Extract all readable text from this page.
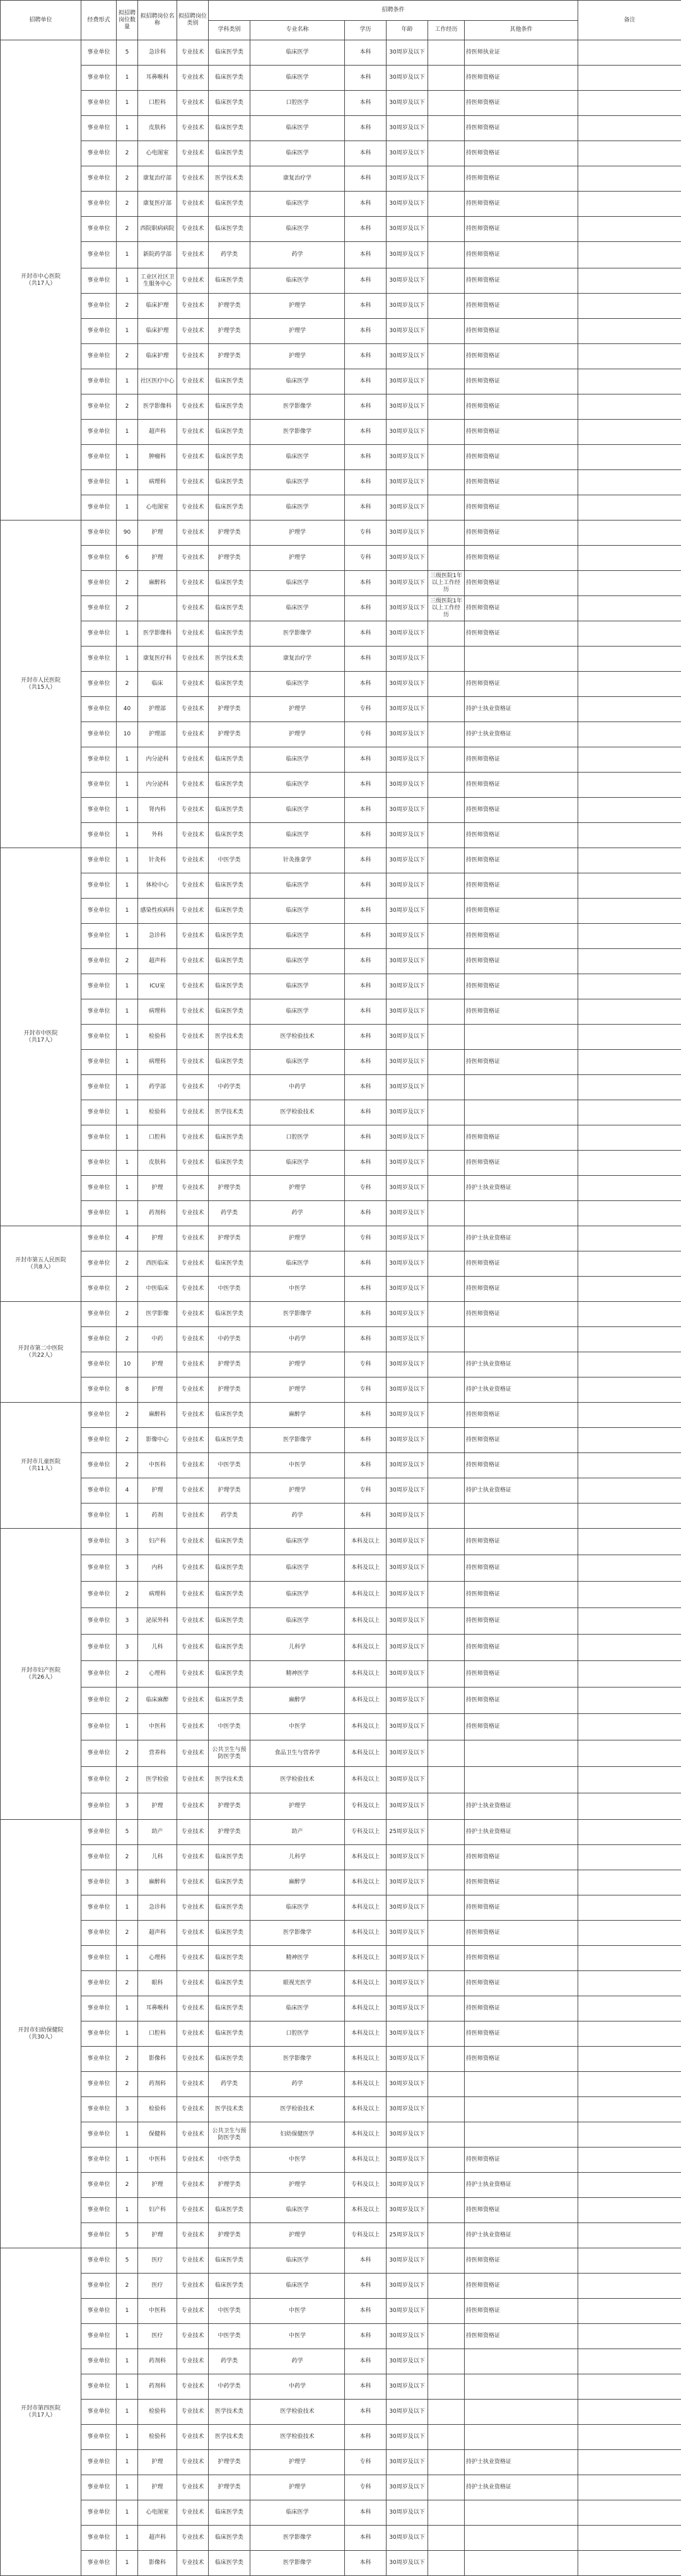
招聘单位	经费形式	拟招聘岗位数量	拟招聘岗位名称	拟招聘岗位类别	招聘条件						备注
					学科类别	专业名称	学历	年龄	工作经历	其他条件	

开封市中心医院
（共17人）	事业单位	5	急诊科	专业技术	临床医学类	临床医学	本科	30周岁及以下		持医师执业证	
	事业单位	1	耳鼻喉科	专业技术	临床医学类	临床医学	本科	30周岁及以下		持医师资格证	
	事业单位	1	口腔科	专业技术	临床医学类	口腔医学	本科	30周岁及以下		持医师资格证	
	事业单位	1	皮肤科	专业技术	临床医学类	临床医学	本科	30周岁及以下		持医师资格证	
	事业单位	2	心电图室	专业技术	临床医学类	临床医学	本科	30周岁及以下		持医师资格证	
	事业单位	2	康复治疗部	专业技术	医学技术类	康复治疗学	本科	30周岁及以下		持医师资格证	
	事业单位	2	康复医疗部	专业技术	临床医学类	临床医学	本科	30周岁及以下		持医师资格证	
	事业单位	2	西院职病病院	专业技术	临床医学类	临床医学	本科	30周岁及以下		持医师资格证	
	事业单位	1	新院药学部	专业技术	药学类	药学	本科	30周岁及以下		持医师资格证	
	事业单位	1	工业区社区卫生服务中心	专业技术	临床医学类	临床医学	本科	30周岁及以下		持医师资格证	
	事业单位	2	临床护理	专业技术	护理学类	护理学	本科	30周岁及以下		持医师资格证	
	事业单位	1	临床护理	专业技术	护理学类	护理学	本科	30周岁及以下		持医师资格证	
	事业单位	2	临床护理	专业技术	护理学类	护理学	本科	30周岁及以下		持医师资格证	
	事业单位	1	社区医疗中心	专业技术	临床医学类	临床医学	本科	30周岁及以下		持医师资格证	
	事业单位	2	医学影像科	专业技术	临床医学类	医学影像学	本科	30周岁及以下		持医师资格证	
	事业单位	1	超声科	专业技术	临床医学类	医学影像学	本科	30周岁及以下		持医师资格证	
	事业单位	1	肿瘤科	专业技术	临床医学类	临床医学	本科	30周岁及以下		持医师资格证	
	事业单位	1	病理科	专业技术	临床医学类	临床医学	本科	30周岁及以下		持医师资格证	
	事业单位	1	心电图室	专业技术	临床医学类	临床医学	本科	30周岁及以下		持医师资格证	

开封市人民医院
（共15人）	事业单位	90	护理	专业技术	护理学类	护理学	专科	30周岁及以下		持医师资格证	
	事业单位	6	护理	专业技术	护理学类	护理学	专科	30周岁及以下		持医师资格证	
	事业单位	2	麻醉科	专业技术	临床医学类	临床医学	本科	30周岁及以下	三级医院1年以上工作经历	持医师资格证	
	事业单位	2		专业技术	临床医学类	临床医学	本科	30周岁及以下	三级医院1年以上工作经历	持医师资格证	
	事业单位	1	医学影像科	专业技术	临床医学类	医学影像学	本科	30周岁及以下		持医师资格证	
	事业单位	1	康复医疗科	专业技术	医学技术类	康复治疗学	本科	30周岁及以下			
	事业单位	2	临床	专业技术	临床医学类	临床医学	本科	30周岁及以下		持医师资格证	
	事业单位	40	护理部	专业技术	护理学类	护理学	专科	30周岁及以下		持护士执业资格证	
	事业单位	10	护理部	专业技术	护理学类	护理学	专科	30周岁及以下		持护士执业资格证	
	事业单位	1	内分泌科	专业技术	临床医学类	临床医学	本科	30周岁及以下		持医师资格证	
	事业单位	1	内分泌科	专业技术	临床医学类	临床医学	本科	30周岁及以下		持医师资格证	
	事业单位	1	肾内科	专业技术	临床医学类	临床医学	本科	30周岁及以下		持医师资格证	
	事业单位	1	外科	专业技术	临床医学类	临床医学	本科	30周岁及以下		持医师资格证	

开封市中医院
（共17人）	事业单位	1	针灸科	专业技术	中医学类	针灸推拿学	本科	30周岁及以下		持医师资格证	
	事业单位	1	体检中心	专业技术	临床医学类	临床医学	本科	30周岁及以下		持医师资格证	
	事业单位	1	感染性疾病科	专业技术	临床医学类	临床医学	本科	30周岁及以下		持医师资格证	
	事业单位	1	急诊科	专业技术	临床医学类	临床医学	本科	30周岁及以下		持医师资格证	
	事业单位	2	超声科	专业技术	临床医学类	临床医学	本科	30周岁及以下		持医师资格证	
	事业单位	1	ICU室	专业技术	临床医学类	临床医学	本科	30周岁及以下		持医师资格证	
	事业单位	1	病理科	专业技术	临床医学类	临床医学	本科	30周岁及以下		持医师资格证	
	事业单位	1	检验科	专业技术	医学技术类	医学检验技术	本科	30周岁及以下			
	事业单位	1	病理科	专业技术	临床医学类	临床医学	本科	30周岁及以下		持医师资格证	
	事业单位	1	药学部	专业技术	中药学类	中药学	本科	30周岁及以下			
	事业单位	1	检验科	专业技术	医学技术类	医学检验技术	本科	30周岁及以下			
	事业单位	1	口腔科	专业技术	临床医学类	口腔医学	本科	30周岁及以下		持医师资格证	
	事业单位	1	皮肤科	专业技术	临床医学类	临床医学	本科	30周岁及以下		持医师资格证	
	事业单位	1	护理	专业技术	护理学类	护理学	专科	30周岁及以下		持护士执业资格证	
	事业单位	1	药剂科	专业技术	药学类	药学	本科	30周岁及以下			

开封市第五人民医院
（共8人）	事业单位	4	护理	专业技术	护理学类	护理学	专科	30周岁及以下		持护士执业资格证	
	事业单位	2	西医临床	专业技术	临床医学类	临床医学	本科	30周岁及以下		持医师资格证	
	事业单位	2	中医临床	专业技术	中医学类	中医学	本科	30周岁及以下		持医师资格证	

开封市第二中医院
（共22人）	事业单位	2	医学影像	专业技术	临床医学类	医学影像学	本科	30周岁及以下		持医师资格证	
	事业单位	2	中药	专业技术	中药学类	中药学	本科	30周岁及以下			
	事业单位	10	护理	专业技术	护理学类	护理学	专科	30周岁及以下		持护士执业资格证	
	事业单位	8	护理	专业技术	护理学类	护理学	专科	30周岁及以下		持护士执业资格证	

开封市儿童医院
（共11人）	事业单位	2	麻醉科	专业技术	临床医学类	麻醉学	本科	30周岁及以下		持医师资格证	
	事业单位	2	影像中心	专业技术	临床医学类	医学影像学	本科	30周岁及以下		持医师资格证	
	事业单位	2	中医科	专业技术	中医学类	中医学	本科	30周岁及以下		持医师资格证	
	事业单位	4	护理	专业技术	护理学类	护理学	专科	30周岁及以下		持护士执业资格证	
	事业单位	1	药剂	专业技术	药学类	药学	本科	30周岁及以下			

开封市妇产医院
（共26人）	事业单位	3	妇产科	专业技术	临床医学类	临床医学	本科及以上	30周岁及以下		持医师资格证	
	事业单位	3	内科	专业技术	临床医学类	临床医学	本科及以上	30周岁及以下		持医师资格证	
	事业单位	2	病理科	专业技术	临床医学类	临床医学	本科及以上	30周岁及以下		持医师资格证	
	事业单位	3	泌尿外科	专业技术	临床医学类	临床医学	本科及以上	30周岁及以下		持医师资格证	
	事业单位	3	儿科	专业技术	临床医学类	儿科学	本科及以上	30周岁及以下		持医师资格证	
	事业单位	2	心理科	专业技术	临床医学类	精神医学	本科及以上	30周岁及以下		持医师资格证	
	事业单位	2	临床麻醉	专业技术	临床医学类	麻醉学	本科及以上	30周岁及以下		持医师资格证	
	事业单位	1	中医科	专业技术	中医学类	中医学	本科及以上	30周岁及以下		持医师资格证	
	事业单位	2	营养科	专业技术	公共卫生与预防医学类	食品卫生与营养学	本科及以上	30周岁及以下			
	事业单位	2	医学检验	专业技术	医学技术类	医学检验技术	本科及以上	30周岁及以下			
	事业单位	3	护理	专业技术	护理学类	护理学	专科及以上	30周岁及以下		持护士执业资格证	

开封市妇幼保健院
（共30人）	事业单位	5	助产	专业技术	护理学类	助产	专科及以上	25周岁及以下		持护士执业资格证	
	事业单位	2	儿科	专业技术	临床医学类	儿科学	本科及以上	30周岁及以下		持医师资格证	
	事业单位	3	麻醉科	专业技术	临床医学类	麻醉学	本科及以上	30周岁及以下		持医师资格证	
	事业单位	1	急诊科	专业技术	临床医学类	临床医学	本科及以上	30周岁及以下		持医师资格证	
	事业单位	2	超声科	专业技术	临床医学类	医学影像学	本科及以上	30周岁及以下		持医师资格证	
	事业单位	1	心理科	专业技术	临床医学类	精神医学	本科及以上	30周岁及以下		持医师资格证	
	事业单位	2	眼科	专业技术	临床医学类	眼视光医学	本科及以上	30周岁及以下		持医师资格证	
	事业单位	1	耳鼻喉科	专业技术	临床医学类	临床医学	本科及以上	30周岁及以下		持医师资格证	
	事业单位	1	口腔科	专业技术	临床医学类	口腔医学	本科及以上	30周岁及以下		持医师资格证	
	事业单位	2	影像科	专业技术	临床医学类	医学影像学	本科及以上	30周岁及以下		持医师资格证	
	事业单位	2	药剂科	专业技术	药学类	药学	本科及以上	30周岁及以下			
	事业单位	3	检验科	专业技术	医学技术类	医学检验技术	本科及以上	30周岁及以下			
	事业单位	1	保健科	专业技术	公共卫生与预防医学类	妇幼保健医学	本科及以上	30周岁及以下			
	事业单位	1	中医科	专业技术	中医学类	中医学	本科及以上	30周岁及以下		持医师资格证	
	事业单位	2	护理	专业技术	护理学类	护理学	专科及以上	30周岁及以下		持护士执业资格证	
	事业单位	1	妇产科	专业技术	临床医学类	临床医学	本科及以上	30周岁及以下		持医师资格证	
	事业单位	5	护理	专业技术	护理学类	护理学	专科及以上	25周岁及以下		持护士执业资格证	

开封市第四医院
（共17人）	事业单位	5	医疗	专业技术	临床医学类	临床医学	本科	30周岁及以下		持医师资格证	
	事业单位	2	医疗	专业技术	临床医学类	临床医学	本科	30周岁及以下		持医师资格证	
	事业单位	1	中医科	专业技术	中医学类	中医学	本科	30周岁及以下		持医师资格证	
	事业单位	1	医疗	专业技术	中医学类	中医学	本科	30周岁及以下		持医师资格证	
	事业单位	1	药剂科	专业技术	药学类	药学	本科	30周岁及以下			
	事业单位	1	药剂科	专业技术	中药学类	中药学	本科	30周岁及以下			
	事业单位	1	检验科	专业技术	医学技术类	医学检验技术	本科	30周岁及以下			
	事业单位	1	检验科	专业技术	医学技术类	医学检验技术	本科	30周岁及以下			
	事业单位	1	护理	专业技术	护理学类	护理学	专科	30周岁及以下		持护士执业资格证	
	事业单位	1	护理	专业技术	护理学类	护理学	专科	30周岁及以下		持护士执业资格证	
	事业单位	1	心电图室	专业技术	临床医学类	临床医学	本科	30周岁及以下			
	事业单位	1	超声科	专业技术	临床医学类	医学影像学	本科	30周岁及以下			
	事业单位	1	影像科	专业技术	临床医学类	医学影像学	本科	30周岁及以下			
